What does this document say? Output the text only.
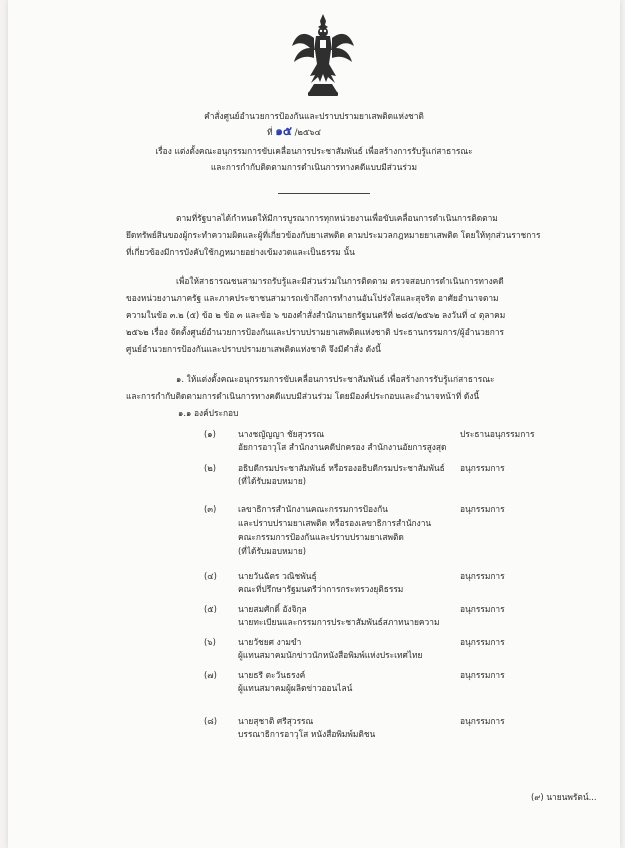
คำสั่งศูนย์อำนวยการป้องกันและปราบปรามยาเสพติดแห่งชาติ
ที่ ๑๕ /๒๕๖๔
เรื่อง แต่งตั้งคณะอนุกรรมการขับเคลื่อนการประชาสัมพันธ์ เพื่อสร้างการรับรู้แก่สาธารณะ
และการกำกับติดตามการดำเนินการทางคดีแบบมีส่วนร่วม
ตามที่รัฐบาลได้กำหนดให้มีการบูรณาการทุกหน่วยงานเพื่อขับเคลื่อนการดำเนินการติดตาม
ยึดทรัพย์สินของผู้กระทำความผิดและผู้ที่เกี่ยวข้องกับยาเสพติด ตามประมวลกฎหมายยาเสพติด โดยให้ทุกส่วนราชการ
ที่เกี่ยวข้องมีการบังคับใช้กฎหมายอย่างเข้มงวดและเป็นธรรม นั้น
เพื่อให้สาธารณชนสามารถรับรู้และมีส่วนร่วมในการติดตาม ตรวจสอบการดำเนินการทางคดี
ของหน่วยงานภาครัฐ และภาคประชาชนสามารถเข้าถึงการทำงานอันโปร่งใสและสุจริต อาศัยอำนาจตาม
ความในข้อ ๓.๒ (๕) ข้อ ๒ ข้อ ๓ และข้อ ๖ ของคำสั่งสำนักนายกรัฐมนตรีที่ ๒๘๕/๒๕๖๒ ลงวันที่ ๔ ตุลาคม
๒๕๖๒ เรื่อง จัดตั้งศูนย์อำนวยการป้องกันและปราบปรามยาเสพติดแห่งชาติ ประธานกรรมการ/ผู้อำนวยการ
ศูนย์อำนวยการป้องกันและปราบปรามยาเสพติดแห่งชาติ จึงมีคำสั่ง ดังนี้
๑. ให้แต่งตั้งคณะอนุกรรมการขับเคลื่อนการประชาสัมพันธ์ เพื่อสร้างการรับรู้แก่สาธารณะ
และการกำกับติดตามการดำเนินการทางคดีแบบมีส่วนร่วม โดยมีองค์ประกอบและอำนาจหน้าที่ ดังนี้
๑.๑ องค์ประกอบ
(๑)	นางชญัญญา ชัยสุวรรณ	ประธานอนุกรรมการ
อัยการอาวุโส สำนักงานคดีปกครอง สำนักงานอัยการสูงสุด
(๒)	อธิบดีกรมประชาสัมพันธ์ หรือรองอธิบดีกรมประชาสัมพันธ์ อนุกรรมการ
(ที่ได้รับมอบหมาย)
(๓)	เลขาธิการสำนักงานคณะกรรมการป้องกัน	อนุกรรมการ
และปราบปรามยาเสพติด หรือรองเลขาธิการสำนักงาน
คณะกรรมการป้องกันและปราบปรามยาเสพติด
(ที่ได้รับมอบหมาย)
(๔)	นายวันฉัตร วณิชพันธุ์	อนุกรรมการ
คณะที่ปรึกษารัฐมนตรีว่าการกระทรวงยุติธรรม
(๕)	นายสมศักดิ์ อังจิกุล	อนุกรรมการ
นายทะเบียนและกรรมการประชาสัมพันธ์สภาทนายความ
(๖)	นายวัชยศ งามขำ	อนุกรรมการ
ผู้แทนสมาคมนักข่าวนักหนังสือพิมพ์แห่งประเทศไทย
(๗)	นายธรี ตะวันธรงค์	อนุกรรมการ
ผู้แทนสมาคมผู้ผลิตข่าวออนไลน์
(๘)	นายสุชาติ ศรีสุวรรณ	อนุกรรมการ
บรรณาธิการอาวุโส หนังสือพิมพ์มติชน
(๙) นายนพรัตน์...
